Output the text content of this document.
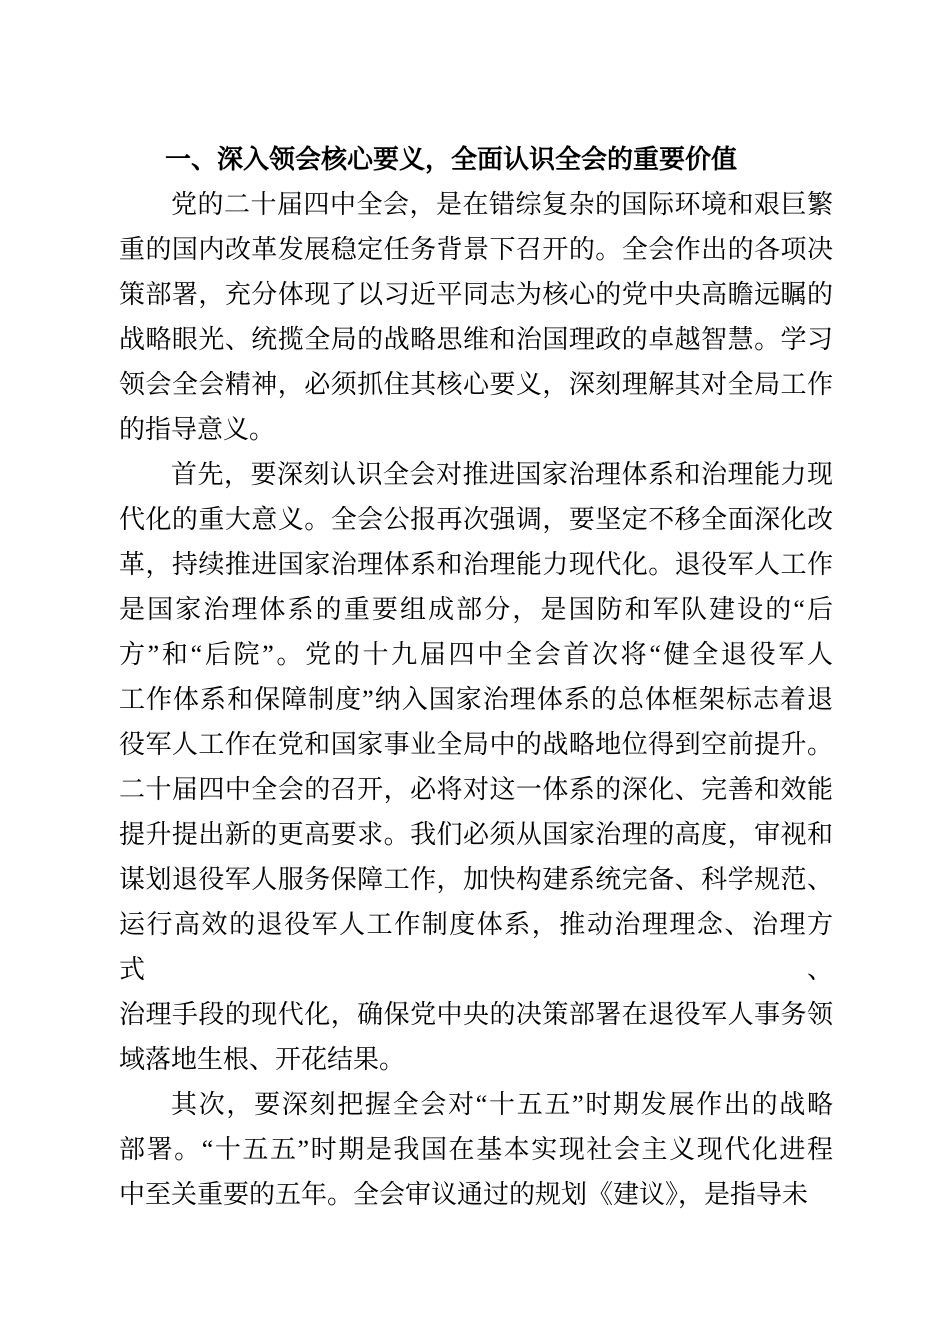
一、深入领会核心要义，全面认识全会的重要价值
党的二十届四中全会，是在错综复杂的国际环境和艰巨繁
重的国内改革发展稳定任务背景下召开的。全会作出的各项决
策部署，充分体现了以习近平同志为核心的党中央高瞻远瞩的
战略眼光、统揽全局的战略思维和治国理政的卓越智慧。学习
领会全会精神，必须抓住其核心要义，深刻理解其对全局工作
的指导意义。
首先，要深刻认识全会对推进国家治理体系和治理能力现
代化的重大意义。全会公报再次强调，要坚定不移全面深化改
革，持续推进国家治理体系和治理能力现代化。退役军人工作
是国家治理体系的重要组成部分，是国防和军队建设的“后
方”和“后院”。党的十九届四中全会首次将“健全退役军人
工作体系和保障制度”纳入国家治理体系的总体框架标志着退
役军人工作在党和国家事业全局中的战略地位得到空前提升。
二十届四中全会的召开，必将对这一体系的深化、完善和效能
提升提出新的更高要求。我们必须从国家治理的高度，审视和
谋划退役军人服务保障工作，加快构建系统完备、科学规范、
运行高效的退役军人工作制度体系，推动治理理念、治理方式、
治理手段的现代化，确保党中央的决策部署在退役军人事务领
域落地生根、开花结果。
其次，要深刻把握全会对“十五五”时期发展作出的战略
部署。“十五五”时期是我国在基本实现社会主义现代化进程
中至关重要的五年。全会审议通过的规划《建议》，是指导未
